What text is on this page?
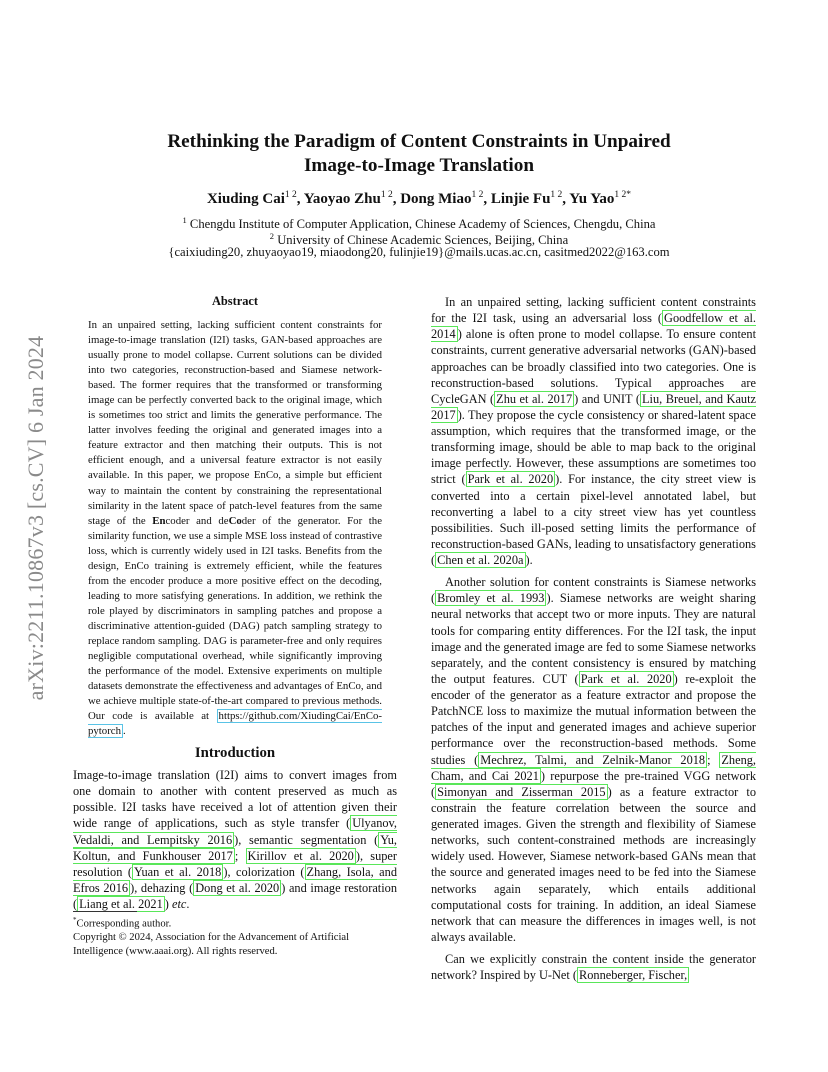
arXiv:2211.10867v3 [cs.CV] 6 Jan 2024
Rethinking the Paradigm of Content Constraints in Unpaired
Image-to-Image Translation
Xiuding Cai$^{1 2}$, Yaoyao Zhu$^{1 2}$, Dong Miao$^{1 2}$, Linjie $Fu^{1 2}$, Yu Yao$^{1 2*}$
$^1$ Chengdu Institute of Computer Application, Chinese Academy of Sciences, Chengdu, China
$^2$ University of Chinese Academic Sciences, Beijing, China
{caixiuding20, zhuyaoyao19, miaodong20, fulinjie19}@mails.ucas.ac.cn, casitmed2022@163.com
Abstract

In an unpaired setting, lacking sufficient content constraints for image-to-image translation (I2I) tasks, GAN-based approaches are usually prone to model collapse. Current solutions can be divided into two categories, reconstruction-based and Siamese network-based. The former requires that the transformed or transforming image can be perfectly converted back to the original image, which is sometimes too strict and limits the generative performance. The latter involves feeding the original and generated images into a feature extractor and then matching their outputs. This is not efficient enough, and a universal feature extractor is not easily available. In this paper, we propose EnCo, a simple but efficient way to maintain the content by constraining the representational similarity in the latent space of patch-level features from the same stage of the Encoder and deCoder of the generator. For the similarity function, we use a simple MSE loss instead of contrastive loss, which is currently widely used in I2I tasks. Benefits from the design, EnCo training is extremely efficient, while the features from the encoder produce a more positive effect on the decoding, leading to more satisfying generations. In addition, we rethink the role played by discriminators in sampling patches and propose a discriminative attention-guided (DAG) patch sampling strategy to replace random sampling. DAG is parameter-free and only requires negligible computational overhead, while significantly improving the performance of the model. Extensive experiments on multiple datasets demonstrate the effectiveness and advantages of EnCo, and we achieve multiple state-of-the-art compared to previous methods. Our code is available at https://github.com/XiudingCai/EnCo-pytorch .

Introduction

Image-to-image translation (I2I) aims to convert images from one domain to another with content preserved as much as possible. I2I tasks have received a lot of attention given their wide range of applications, such as style transfer ( Ulyanov, Vedaldi, and Lempitsky 2016 ), semantic segmentation ( Yu, Koltun, and Funkhouser 2017 ; Kirillov et al. 2020 ), super resolution ( Yuan et al. 2018 ), colorization ( Zhang, Isola, and Efros 2016 ), dehazing ( Dong et al. 2020 ) and image restoration ( Liang et al. 2021 ) etc.

*Corresponding author.
Copyright © 2024, Association for the Advancement of Artificial
Intelligence (www.aaai.org). All rights reserved.

In an unpaired setting, lacking sufficient content constraints for the I2I task, using an adversarial loss ( Goodfellow et al. 2014 ) alone is often prone to model collapse. To ensure content constraints, current generative adversarial networks (GAN)-based approaches can be broadly classified into two categories. One is reconstruction-based solutions. Typical approaches are CycleGAN ( Zhu et al. 2017 ) and UNIT ( Liu, Breuel, and Kautz 2017 ). They propose the cycle consistency or shared-latent space assumption, which requires that the transformed image, or the transforming image, should be able to map back to the original image perfectly. However, these assumptions are sometimes too strict ( Park et al. 2020 ). For instance, the city street view is converted into a certain pixel-level annotated label, but reconverting a label to a city street view has yet countless possibilities. Such ill-posed setting limits the performance of reconstruction-based GANs, leading to unsatisfactory generations ( Chen et al. 2020a ).

Another solution for content constraints is Siamese networks ( Bromley et al. 1993 ). Siamese networks are weight sharing neural networks that accept two or more inputs. They are natural tools for comparing entity differences. For the I2I task, the input image and the generated image are fed to some Siamese networks separately, and the content consistency is ensured by matching the output features. CUT ( Park et al. 2020 ) re-exploit the encoder of the generator as a feature extractor and propose the PatchNCE loss to maximize the mutual information between the patches of the input and generated images and achieve superior performance over the reconstruction-based methods. Some studies ( Mechrez, Talmi, and Zelnik-Manor 2018 ; Zheng, Cham, and Cai 2021 ) repurpose the pre-trained VGG network ( Simonyan and Zisserman 2015 ) as a feature extractor to constrain the feature correlation between the source and generated images. Given the strength and flexibility of Siamese networks, such content-constrained methods are increasingly widely used. However, Siamese network-based GANs mean that the source and generated images need to be fed into the Siamese networks again separately, which entails additional computational costs for training. In addition, an ideal Siamese network that can measure the differences in images well, is not always available.

Can we explicitly constrain the content inside the generator network? Inspired by U-Net ( Ronneberger, Fischer,
